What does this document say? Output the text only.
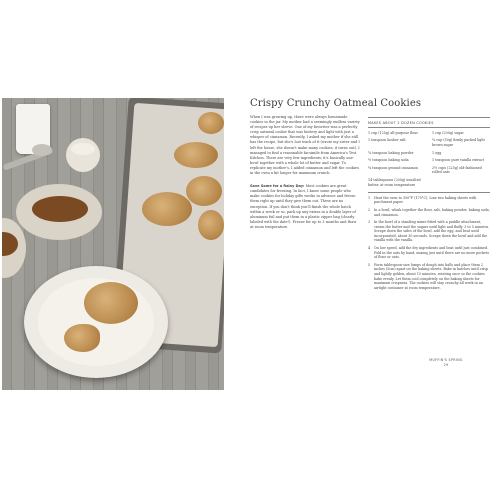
Crispy Crunchy Oatmeal Cookies

When I was growing up, there were always homemade cookies in the jar. My mother had a seemingly endless variety of recipes up her sleeve. One of my favorites was a perfectly crisp oatmeal cookie that was buttery and light with just a whisper of cinnamon. Recently, I asked my mother if she still has the recipe, but she's lost track of it (wrote my sister and I left the house, she doesn't make many cookies, it turns out). I managed to find a reasonable facsimile from America's Test Kitchen. There are very few ingredients; it's basically one-bowl together with a whole lot of butter and sugar. To replicate my mother's, I added cinnamon and left the cookies in the oven a bit longer for maximum crunch.

Save Some for a Rainy Day: Most cookies are great candidates for freezing. In fact, I know some people who make cookies for holiday gifts weeks in advance and freeze them right up until they give them out. These are no exception. If you don't think you'll finish the whole batch within a week or so, pack up any extras in a double layer of aluminum foil and put them in a plastic zipper bag (clearly labeled with the date!). Freeze for up to 3 months and thaw at room temperature.
MAKES ABOUT 2 DOZEN COOKIES
1 cup (125g) all-purpose flour	1 cup (200g) sugar
1 teaspoon kosher salt	¼ cup (50g) firmly packed light brown sugar
¾ teaspoon baking powder	1 egg
½ teaspoon baking soda	1 teaspoon pure vanilla extract
¼ teaspoon ground cinnamon	2½ cups (225g) old-fashioned rolled oats
14 tablespoons (200g) unsalted butter, at room temperature
1	Heat the oven to 350°F (175°C). Line two baking sheets with parchment paper.
2	In a bowl, whisk together the flour, salt, baking powder, baking soda, and cinnamon.
3	In the bowl of a standing mixer fitted with a paddle attachment, cream the butter and the sugars until light and fluffy, 3 to 5 minutes. Scrape down the sides of the bowl, add the egg, and beat until incorporated, about 30 seconds. Scrape down the bowl and add the vanilla with the vanilla.
4	On low speed, add the dry ingredients and beat until just combined. Fold in the oats by hand, mixing just until there are no more pockets of flour or oats.
5	Form tablespoon-size lumps of dough into balls and place them 2 inches (5cm) apart on the baking sheets. Bake in batches until crisp and lightly golden, about 15 minutes, rotating once so the cookies bake evenly. Let them cool completely on the baking sheets for maximum crispness. The cookies will stay crunchy all week in an airtight container at room temperature.
MUFFIN'S SPRING
29
